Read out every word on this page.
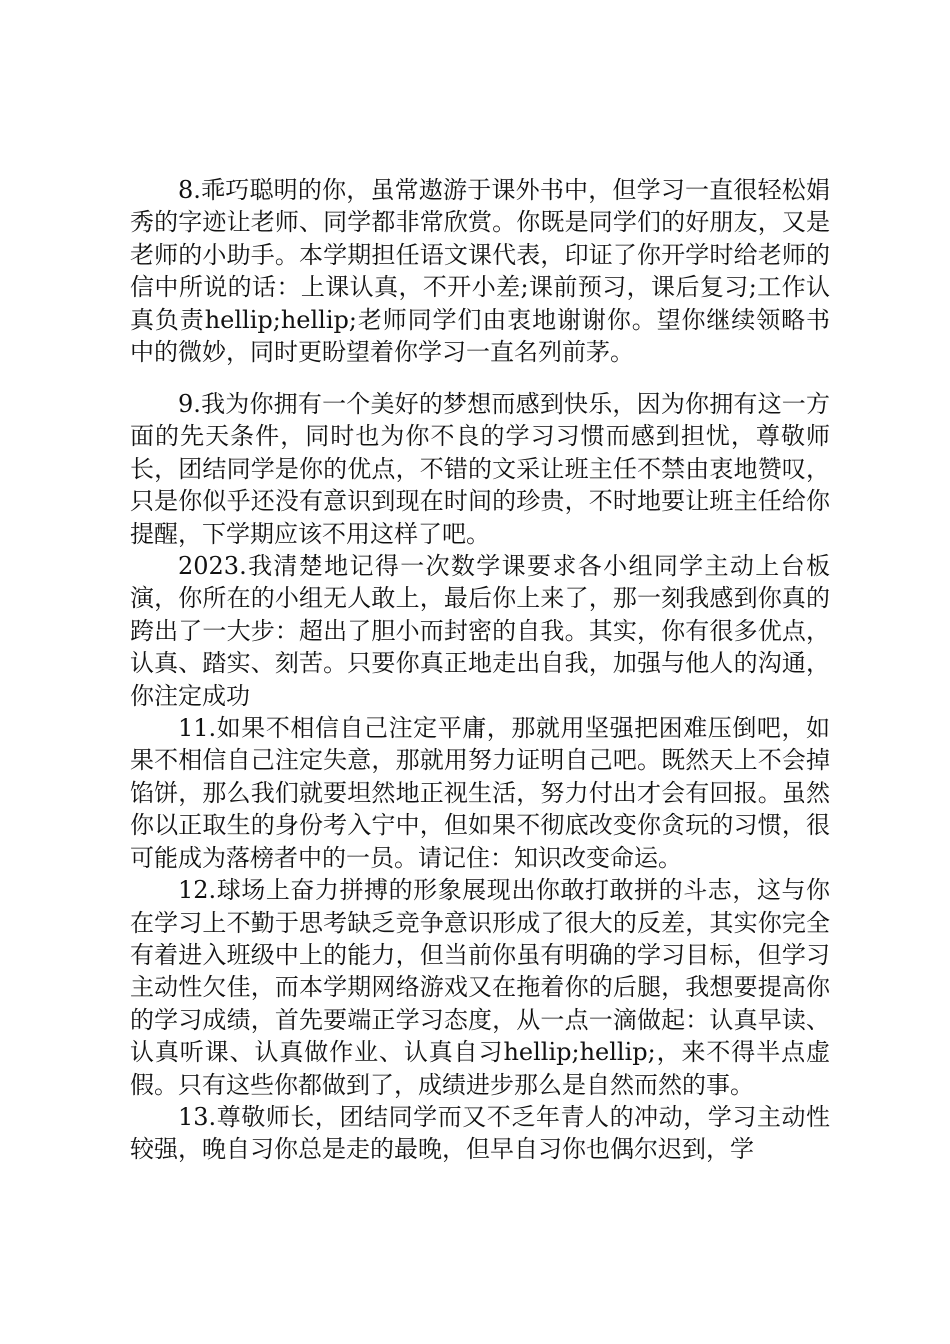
8.乖巧聪明的你，虽常遨游于课外书中，但学习一直很轻松娟秀的字迹让老师、同学都非常欣赏。你既是同学们的好朋友，又是老师的小助手。本学期担任语文课代表，印证了你开学时给老师的信中所说的话：上课认真，不开小差;课前预习，课后复习;工作认真负责hellip;hellip;老师同学们由衷地谢谢你。望你继续领略书中的微妙，同时更盼望着你学习一直名列前茅。

9.我为你拥有一个美好的梦想而感到快乐，因为你拥有这一方面的先天条件，同时也为你不良的学习习惯而感到担忧，尊敬师长，团结同学是你的优点，不错的文采让班主任不禁由衷地赞叹，只是你似乎还没有意识到现在时间的珍贵，不时地要让班主任给你提醒，下学期应该不用这样了吧。

2023.我清楚地记得一次数学课要求各小组同学主动上台板演，你所在的小组无人敢上，最后你上来了，那一刻我感到你真的跨出了一大步：超出了胆小而封密的自我。其实，你有很多优点，认真、踏实、刻苦。只要你真正地走出自我，加强与他人的沟通，你注定成功

11.如果不相信自己注定平庸，那就用坚强把困难压倒吧，如果不相信自己注定失意，那就用努力证明自己吧。既然天上不会掉馅饼，那么我们就要坦然地正视生活，努力付出才会有回报。虽然你以正取生的身份考入宁中，但如果不彻底改变你贪玩的习惯，很可能成为落榜者中的一员。请记住：知识改变命运。

12.球场上奋力拼搏的形象展现出你敢打敢拼的斗志，这与你在学习上不勤于思考缺乏竞争意识形成了很大的反差，其实你完全有着进入班级中上的能力，但当前你虽有明确的学习目标，但学习主动性欠佳，而本学期网络游戏又在拖着你的后腿，我想要提高你的学习成绩，首先要端正学习态度，从一点一滴做起：认真早读、认真听课、认真做作业、认真自习hellip;hellip;，来不得半点虚假。只有这些你都做到了，成绩进步那么是自然而然的事。

13.尊敬师长，团结同学而又不乏年青人的冲动，学习主动性较强，晚自习你总是走的最晚，但早自习你也偶尔迟到，学
